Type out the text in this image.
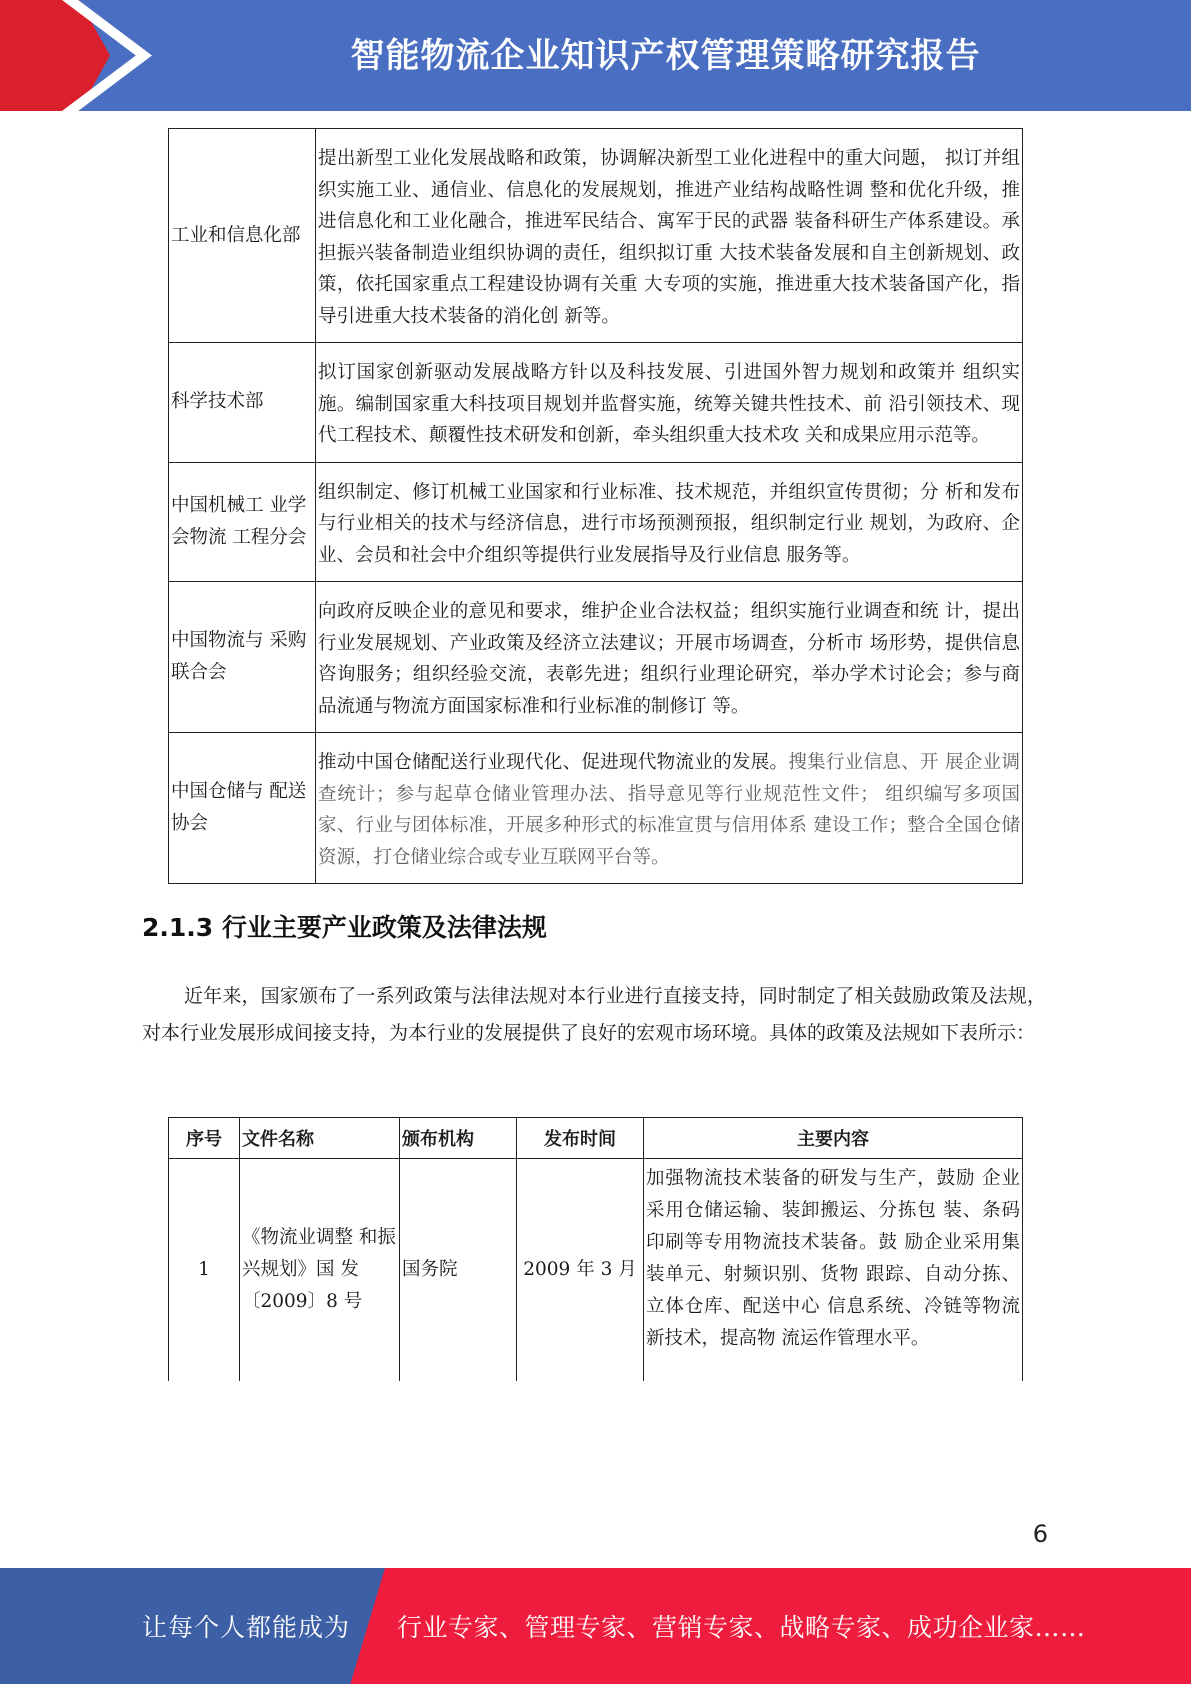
智能物流企业知识产权管理策略研究报告
工业和信息化部	提出新型工业化发展战略和政策，协调解决新型工业化进程中的重大问题， 拟订并组织实施工业、通信业、信息化的发展规划，推进产业结构战略性调 整和优化升级，推进信息化和工业化融合，推进军民结合、寓军于民的武器 装备科研生产体系建设。承担振兴装备制造业组织协调的责任，组织拟订重 大技术装备发展和自主创新规划、政策，依托国家重点工程建设协调有关重 大专项的实施，推进重大技术装备国产化，指导引进重大技术装备的消化创 新等。
科学技术部	拟订国家创新驱动发展战略方针以及科技发展、引进国外智力规划和政策并 组织实施。编制国家重大科技项目规划并监督实施，统筹关键共性技术、前 沿引领技术、现代工程技术、颠覆性技术研发和创新，牵头组织重大技术攻 关和成果应用示范等。
中国机械工 业学会物流 工程分会	组织制定、修订机械工业国家和行业标准、技术规范，并组织宣传贯彻；分 析和发布与行业相关的技术与经济信息，进行市场预测预报，组织制定行业 规划，为政府、企业、会员和社会中介组织等提供行业发展指导及行业信息 服务等。
中国物流与 采购联合会	向政府反映企业的意见和要求，维护企业合法权益；组织实施行业调查和统 计，提出行业发展规划、产业政策及经济立法建议；开展市场调查，分析市 场形势，提供信息咨询服务；组织经验交流，表彰先进；组织行业理论研究，举办学术讨论会；参与商品流通与物流方面国家标准和行业标准的制修订 等。
中国仓储与 配送协会	推动中国仓储配送行业现代化、促进现代物流业的发展。搜集行业信息、开 展企业调查统计；参与起草仓储业管理办法、指导意见等行业规范性文件； 组织编写多项国家、行业与团体标准，开展多种形式的标准宣贯与信用体系 建设工作；整合全国仓储资源，打仓储业综合或专业互联网平台等。
2.1.3 行业主要产业政策及法律法规
近年来，国家颁布了一系列政策与法律法规对本行业进行直接支持，同时制定了相关鼓励政策及法规，对本行业发展形成间接支持，为本行业的发展提供了良好的宏观市场环境。具体的政策及法规如下表所示：
序号	文件名称	颁布机构	发布时间	主要内容
1	《物流业调整 和振兴规划》国 发〔2009〕8 号	国务院	2009 年 3 月	加强物流技术装备的研发与生产，鼓励 企业采用仓储运输、装卸搬运、分拣包 装、条码印刷等专用物流技术装备。鼓 励企业采用集装单元、射频识别、货物 跟踪、自动分拣、立体仓库、配送中心 信息系统、冷链等物流新技术，提高物 流运作管理水平。
6
让每个人都能成为 行业专家、管理专家、营销专家、战略专家、成功企业家……
